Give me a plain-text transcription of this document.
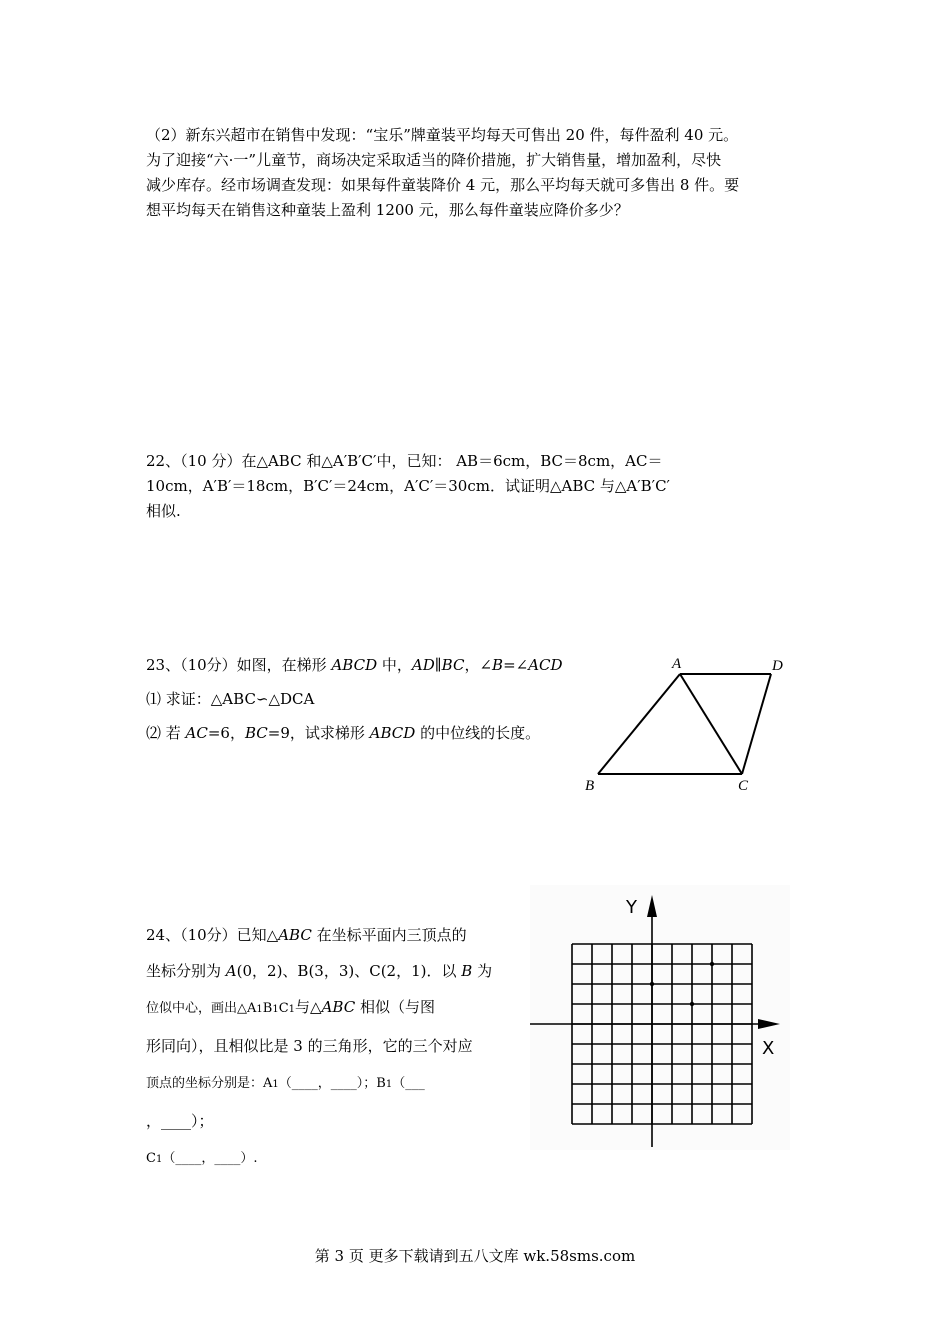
（2）新东兴超市在销售中发现：“宝乐”牌童装平均每天可售出 20 件，每件盈利 40 元。
为了迎接“六·一”儿童节，商场决定采取适当的降价措施，扩大销售量，增加盈利，尽快
减少库存。经市场调查发现：如果每件童装降价 4 元，那么平均每天就可多售出 8 件。要
想平均每天在销售这种童装上盈利 1200 元，那么每件童装应降价多少？
22、（10 分）在△ABC 和△A′B′C′中，已知： AB＝6cm，BC＝8cm，AC＝
10cm，A′B′＝18cm，B′C′＝24cm，A′C′＝30cm．试证明△ABC 与△A′B′C′
相似.
23、（10分）如图，在梯形 ABCD 中，AD∥BC，∠B=∠ACD
⑴ 求证：△ABC∽△DCA
⑵ 若 AC=6，BC=9，试求梯形 ABCD 的中位线的长度。
A	D
B	C
24、（10分）已知△ABC 在坐标平面内三顶点的
坐标分别为 A(0，2)、B(3，3)、C(2，1)．以 B 为
位似中心，画出△A1B1C1与△ABC 相似（与图
形同向），且相似比是 3 的三角形，它的三个对应
顶点的坐标分别是：A1（____，____）；B1（___
，____）；
C1（____，____）.
Y
X
第 3 页 更多下载请到五八文库 wk.58sms.com
